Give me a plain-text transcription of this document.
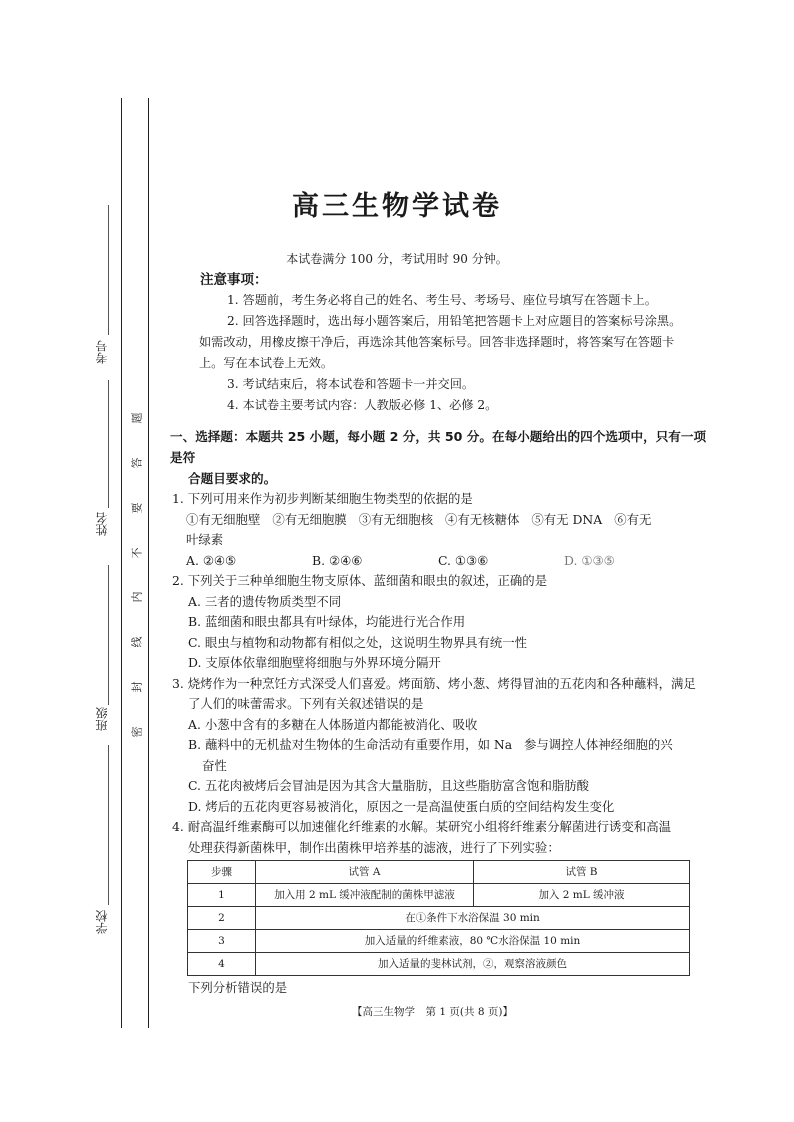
考号
姓名
班级
学校
密
封
线
内
不
要
答
题
高三生物学试卷
本试卷满分 100 分，考试用时 90 分钟。
注意事项：
1. 答题前，考生务必将自己的姓名、考生号、考场号、座位号填写在答题卡上。
2. 回答选择题时，选出每小题答案后，用铅笔把答题卡上对应题目的答案标号涂黑。如需改动，用橡皮擦干净后，再选涂其他答案标号。回答非选择题时，将答案写在答题卡上。写在本试卷上无效。
3. 考试结束后，将本试卷和答题卡一并交回。
4. 本试卷主要考试内容：人教版必修 1、必修 2。
一、选择题：本题共 25 小题，每小题 2 分，共 50 分。在每小题给出的四个选项中，只有一项是符
合题目要求的。
1. 下列可用来作为初步判断某细胞生物类型的依据的是
①有无细胞壁 ②有无细胞膜 ③有无细胞核 ④有无核糖体 ⑤有无 DNA ⑥有无
叶绿素
A. ②④⑤	B. ②④⑥	C. ①③⑥	D. ①③⑤
2. 下列关于三种单细胞生物支原体、蓝细菌和眼虫的叙述，正确的是
A. 三者的遗传物质类型不同
B. 蓝细菌和眼虫都具有叶绿体，均能进行光合作用
C. 眼虫与植物和动物都有相似之处，这说明生物界具有统一性
D. 支原体依靠细胞壁将细胞与外界环境分隔开
3. 烧烤作为一种烹饪方式深受人们喜爱。烤面筋、烤小葱、烤得冒油的五花肉和各种蘸料，满足
了人们的味蕾需求。下列有关叙述错误的是
A. 小葱中含有的多糖在人体肠道内都能被消化、吸收
B. 蘸料中的无机盐对生物体的生命活动有重要作用，如 Na   参与调控人体神经细胞的兴
奋性
C. 五花肉被烤后会冒油是因为其含大量脂肪，且这些脂肪富含饱和脂肪酸
D. 烤后的五花肉更容易被消化，原因之一是高温使蛋白质的空间结构发生变化
4. 耐高温纤维素酶可以加速催化纤维素的水解。某研究小组将纤维素分解菌进行诱变和高温
处理获得新菌株甲，制作出菌株甲培养基的滤液，进行了下列实验：
步骤	试管 A	试管 B
1	加入用 2 mL 缓冲液配制的菌株甲滤液	加入 2 mL 缓冲液
2	在①条件下水浴保温 30 min	
3	加入适量的纤维素液，80 ℃水浴保温 10 min	
4	加入适量的斐林试剂，②，观察溶液颜色	
下列分析错误的是
【高三生物学　第 1 页(共 8 页)】
